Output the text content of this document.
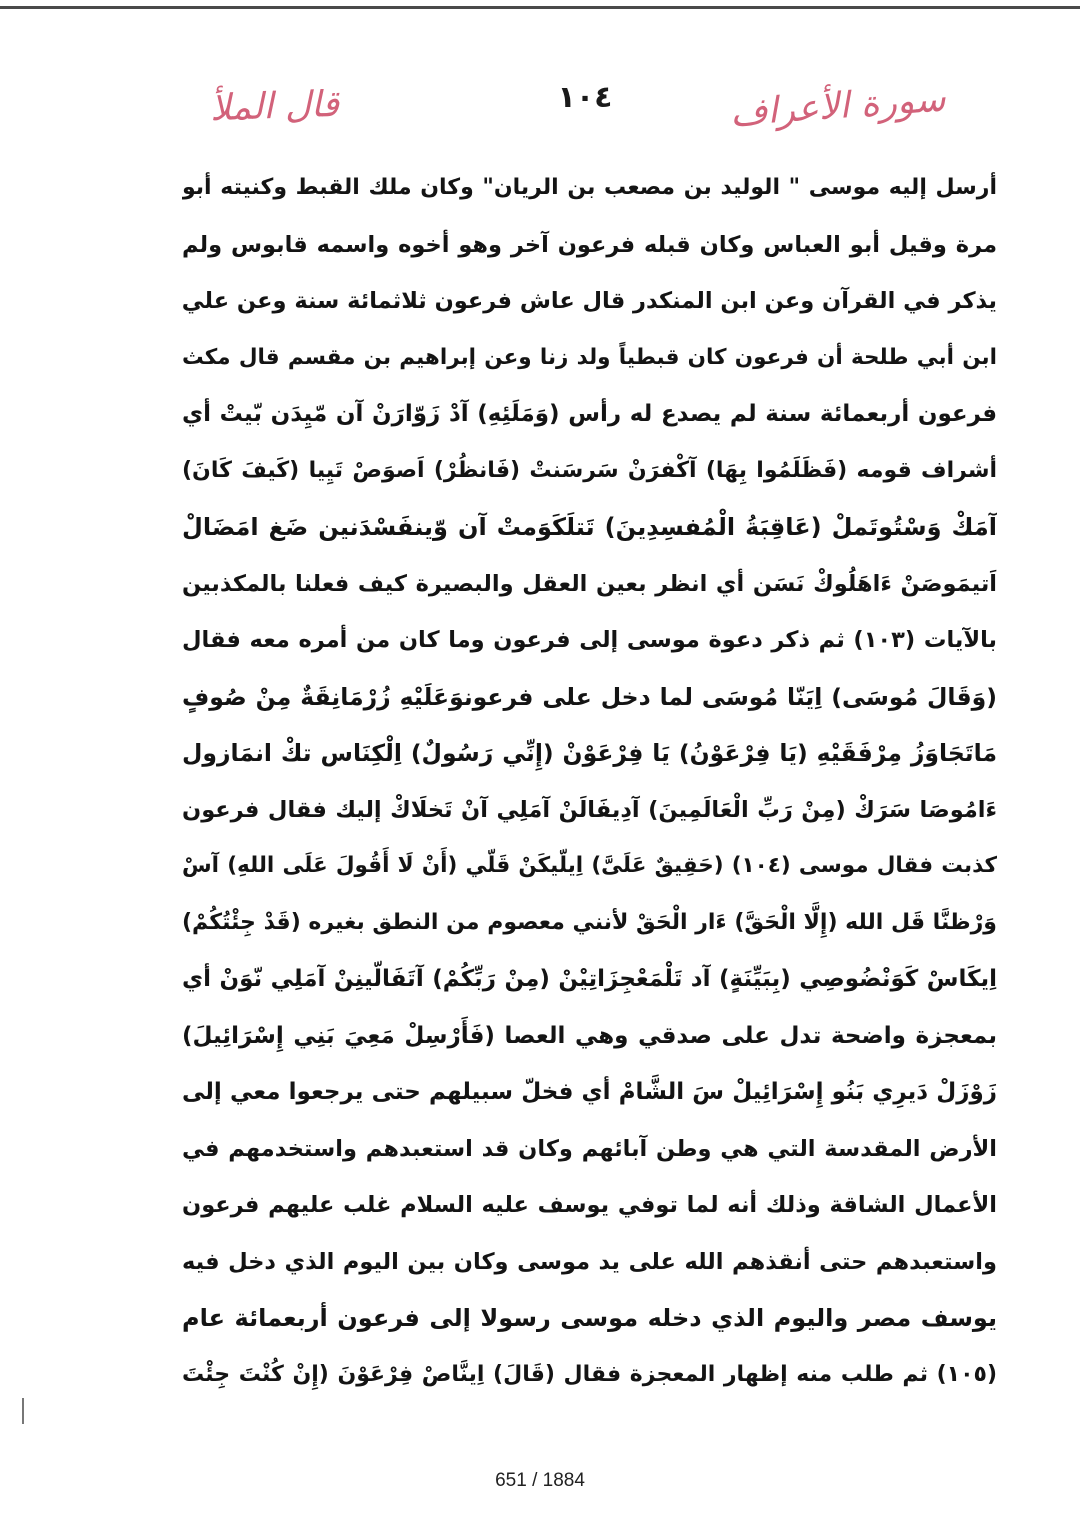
سورة الأعراف
١٠٤
قال الملأ
أرسل إليه موسى " الوليد بن مصعب بن الريان" وكان ملك القبط وكنيته أبو
مرة وقيل أبو العباس وكان قبله فرعون آخر وهو أخوه واسمه قابوس ولم
يذكر في القرآن وعن ابن المنكدر قال عاش فرعون ثلاثمائة سنة وعن علي
ابن أبي طلحة أن فرعون كان قبطياً ولد زنا وعن إبراهيم بن مقسم قال مكث
فرعون أربعمائة سنة لم يصدع له رأس (وَمَلَئِهِ) آدْ زَوّارَنْ آن مّيِدَن بّيتْ أي
أشراف قومه (فَظَلَمُوا بِهَا) آكْفرَنْ سَرسَنتْ (فَانظُرْ) اَصوَصْ تَيِيا (كَيفَ كَانَ)
آمَكْ وَسْتُوتَملْ (عَاقِبَةُ الْمُفسِدِينَ) تَتلَكَوَمتْ آن وّينفَسْدَنين ضَغ امَضَالْ
اَتيمَوصَنْ ءَاهَلُوكْ نَسَن أي انظر بعين العقل والبصيرة كيف فعلنا بالمكذبين
بالآيات (١٠٣) ثم ذكر دعوة موسى إلى فرعون وما كان من أمره معه فقال
(وَقَالَ مُوسَى) اِيَنّا مُوسَى لما دخل على فرعونوَعَلَيْهِ زُرْمَانِقَةٌ مِنْ صُوفٍ
مَاتَجَاوَزُ مِرْفَقَيْهِ (يَا فِرْعَوْنُ) يَا فِرْعَوْنْ (إِنِّي رَسُولٌ) اِلْكِنَاس تكْ انمَازول
ءَامُوصَا سَرَكْ (مِنْ رَبِّ الْعَالَمِينَ) آدِيفَالَنْ آمَلِي آنْ تَخلَاكْ إليك فقال فرعون
كذبت فقال موسى (١٠٤) (حَقِيقٌ عَلَىَّ) اِيلّيكَنْ قَلّي (أَنْ لَا أَقُولَ عَلَى اللهِ) آسْ
وَرْظنَّا قَل الله (إِلَّا الْحَقَّ) ءَار الْحَقْ لأنني معصوم من النطق بغيره (قَدْ جِئْتُكُمْ)
اِيكَاسْ كَوَنْضُوصِي (بِبَيِّنَةٍ) آد تَلْمَعْجِزَاتِيْنْ (مِنْ رَبِّكُمْ) آتَفَالّينِنْ آمَلِي نّوَنْ أي
بمعجزة واضحة تدل على صدقي وهي العصا (فَأَرْسِلْ مَعِيَ بَنِي إِسْرَائِيلَ)
زَوْزَلْ دَيرِي بَنُو إِسْرَائِيلْ سَ الشَّامْ أي فخلّ سبيلهم حتى يرجعوا معي إلى
الأرض المقدسة التي هي وطن آبائهم وكان قد استعبدهم واستخدمهم في
الأعمال الشاقة وذلك أنه لما توفي يوسف عليه السلام غلب عليهم فرعون
واستعبدهم حتى أنقذهم الله على يد موسى وكان بين اليوم الذي دخل فيه
يوسف مصر واليوم الذي دخله موسى رسولا إلى فرعون أربعمائة عام
(١٠٥) ثم طلب منه إظهار المعجزة فقال (قَالَ) اِينَّاصْ فِرْعَوْنَ (إِنْ كُنْتَ جِئْتَ
651 / 1884
